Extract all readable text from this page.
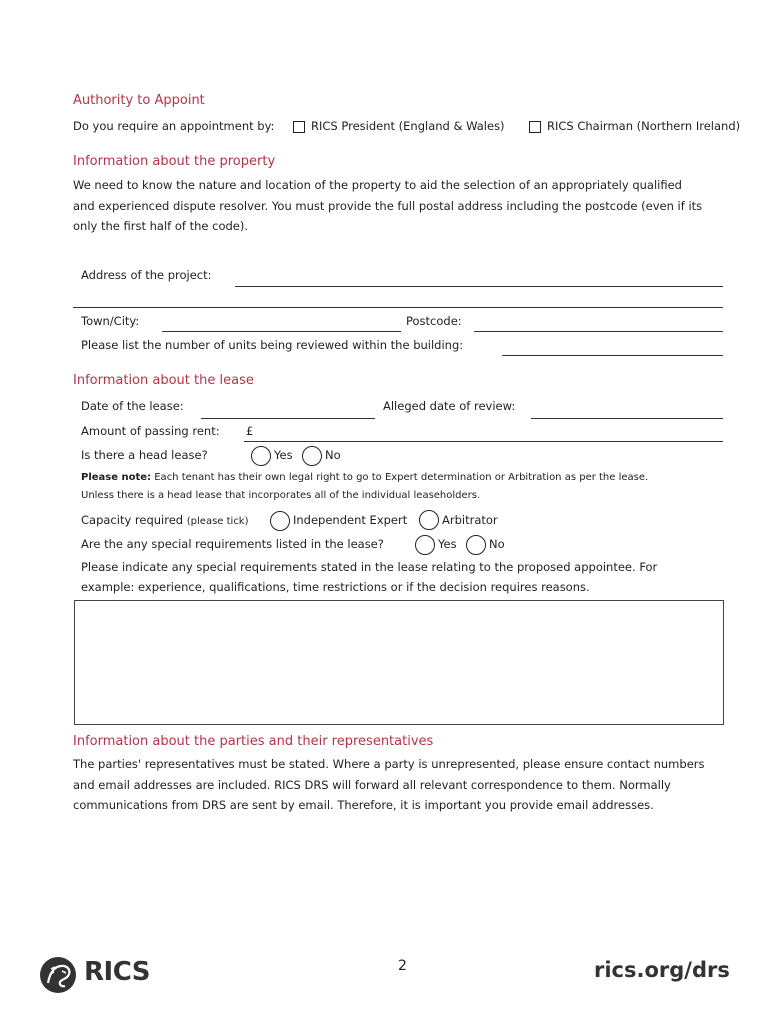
Authority to Appoint
Do you require an appointment by:	RICS President (England & Wales)	RICS Chairman (Northern Ireland)
Information about the property
We need to know the nature and location of the property to aid the selection of an appropriately qualified
and experienced dispute resolver. You must provide the full postal address including the postcode (even if its
only the first half of the code).
Address of the project:
Town/City:	Postcode:
Please list the number of units being reviewed within the building:
Information about the lease
Date of the lease:	Alleged date of review:
Amount of passing rent: £
Is there a head lease?	Yes	No
Please note: Each tenant has their own legal right to go to Expert determination or Arbitration as per the lease.
Unless there is a head lease that incorporates all of the individual leaseholders.
Capacity required (please tick)	Independent Expert	Arbitrator
Are the any special requirements listed in the lease?	Yes	No
Please indicate any special requirements stated in the lease relating to the proposed appointee. For
example: experience, qualifications, time restrictions or if the decision requires reasons.
Information about the parties and their representatives
The parties' representatives must be stated. Where a party is unrepresented, please ensure contact numbers
and email addresses are included. RICS DRS will forward all relevant correspondence to them. Normally
communications from DRS are sent by email. Therefore, it is important you provide email addresses.
RICS	2	rics.org/drs
